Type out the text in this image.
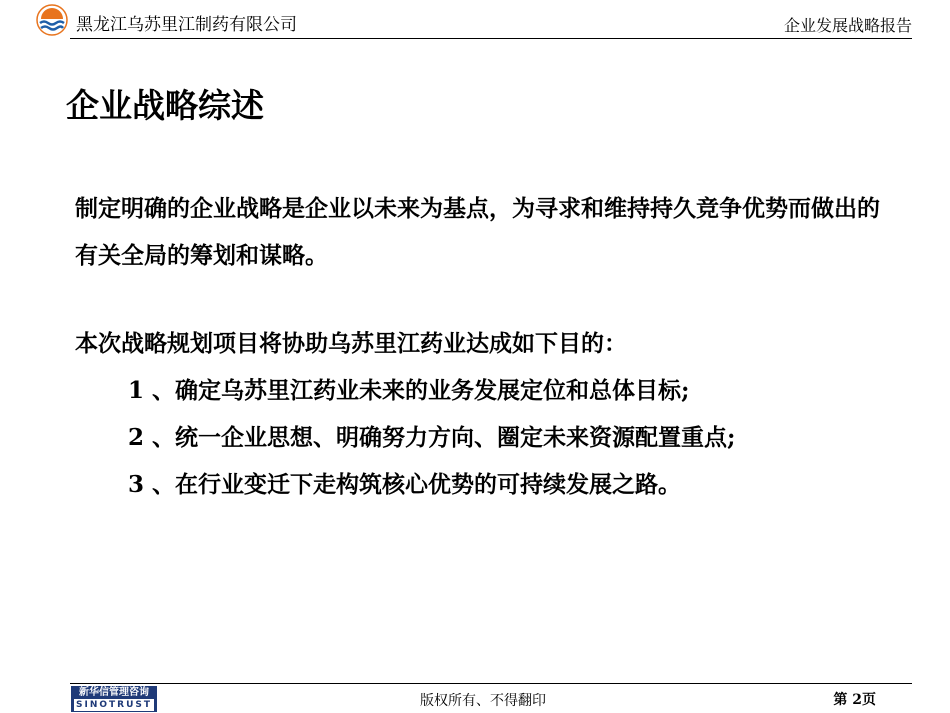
黑龙江乌苏里江制药有限公司	企业发展战略报告
企业战略综述

制定明确的企业战略是企业以未来为基点，为寻求和维持持久竞争优势而做出的有关全局的筹划和谋略。

本次战略规划项目将协助乌苏里江药业达成如下目的：

1 、确定乌苏里江药业未来的业务发展定位和总体目标;
2 、统一企业思想、明确努力方向、圈定未来资源配置重点;
3 、在行业变迁下走构筑核心优势的可持续发展之路。
新华信管理咨询
SINOTRUST	版权所有、不得翻印	第 2页
